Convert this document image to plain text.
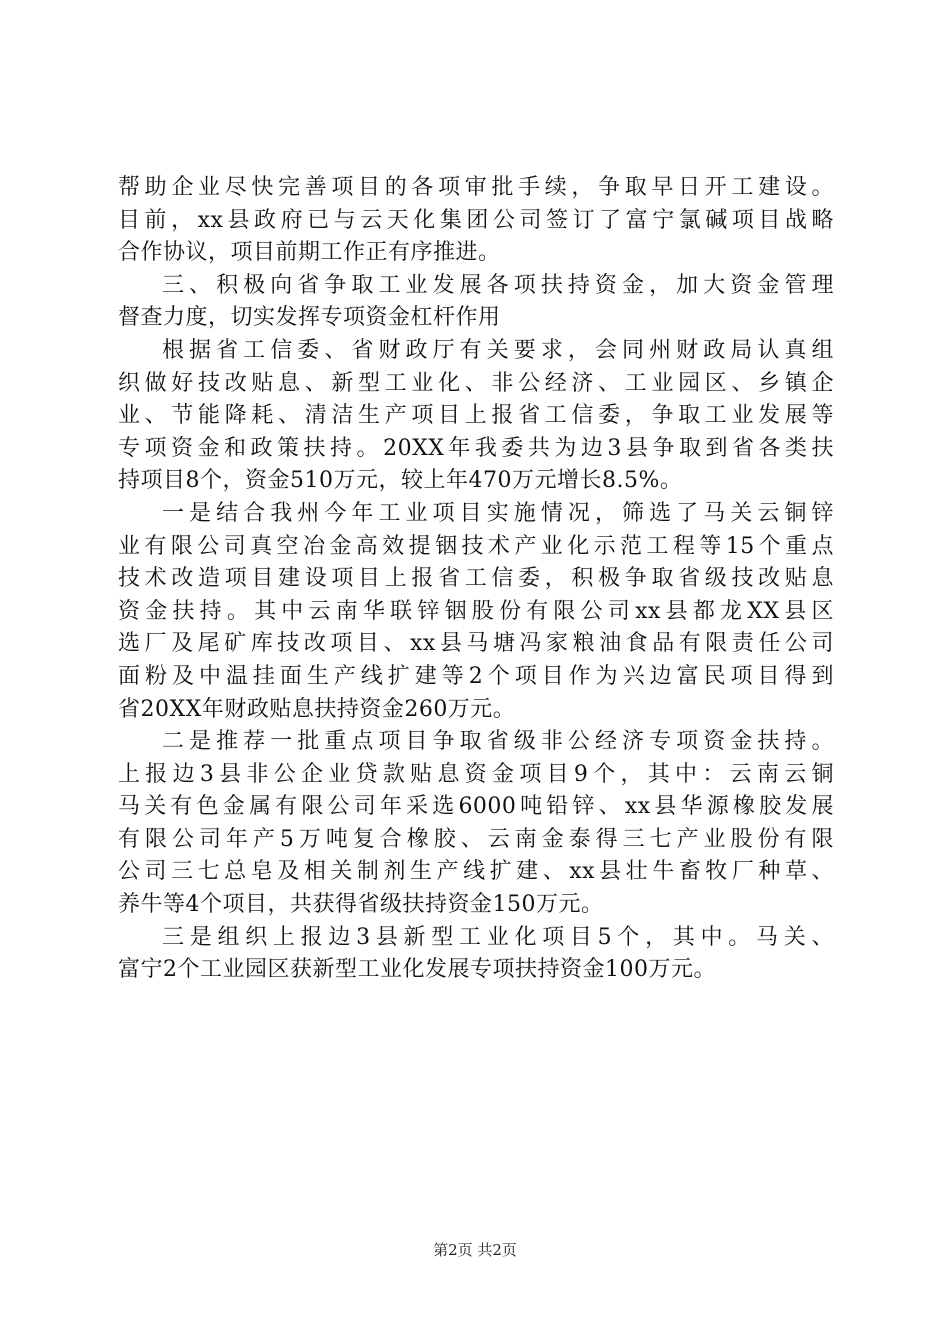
帮助企业尽快完善项目的各项审批手续，争取早日开工建设。
目前，xx县政府已与云天化集团公司签订了富宁氯碱项目战略
合作协议，项目前期工作正有序推进。
三、积极向省争取工业发展各项扶持资金，加大资金管理
督查力度，切实发挥专项资金杠杆作用
根据省工信委、省财政厅有关要求，会同州财政局认真组
织做好技改贴息、新型工业化、非公经济、工业园区、乡镇企
业、节能降耗、清洁生产项目上报省工信委，争取工业发展等
专项资金和政策扶持。20XX年我委共为边3县争取到省各类扶
持项目8个，资金510万元，较上年470万元增长8.5%。
一是结合我州今年工业项目实施情况，筛选了马关云铜锌
业有限公司真空冶金高效提铟技术产业化示范工程等15个重点
技术改造项目建设项目上报省工信委，积极争取省级技改贴息
资金扶持。其中云南华联锌铟股份有限公司xx县都龙XX县区
选厂及尾矿库技改项目、xx县马塘冯家粮油食品有限责任公司
面粉及中温挂面生产线扩建等2个项目作为兴边富民项目得到
省20XX年财政贴息扶持资金260万元。
二是推荐一批重点项目争取省级非公经济专项资金扶持。
上报边3县非公企业贷款贴息资金项目9个，其中：云南云铜
马关有色金属有限公司年采选6000吨铅锌、xx县华源橡胶发展
有限公司年产5万吨复合橡胶、云南金泰得三七产业股份有限
公司三七总皂及相关制剂生产线扩建、xx县壮牛畜牧厂种草、
养牛等4个项目，共获得省级扶持资金150万元。
三是组织上报边3县新型工业化项目5个，其中。马关、
富宁2个工业园区获新型工业化发展专项扶持资金100万元。
第2页 共2页
